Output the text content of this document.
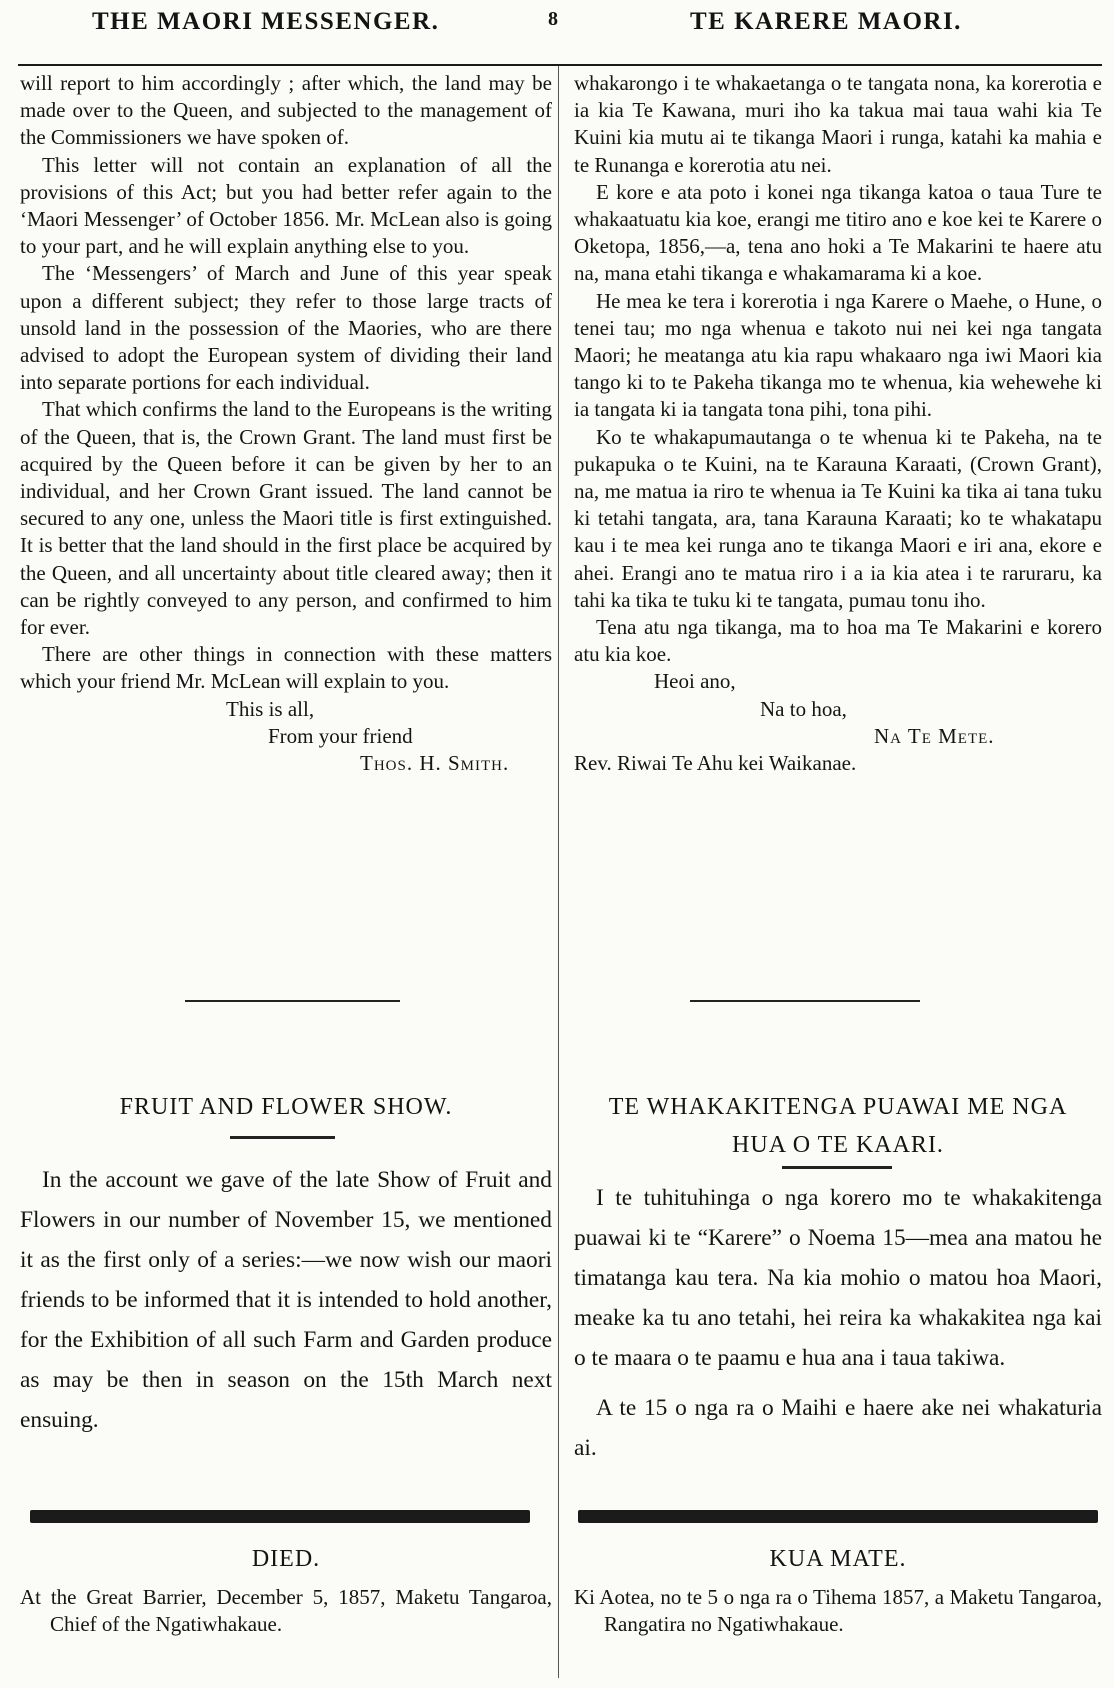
THE MAORI MESSENGER.	8	TE KARERE MAORI.

will report to him accordingly ; after which, the land may be made over to the Queen, and subjected to the management of the Commissioners we have spoken of.

This letter will not contain an explanation of all the provisions of this Act; but you had better refer again to the ‘Maori Messenger’ of October 1856. Mr. McLean also is going to your part, and he will explain anything else to you.

The ‘Messengers’ of March and June of this year speak upon a different subject; they refer to those large tracts of unsold land in the possession of the Maories, who are there advised to adopt the European system of dividing their land into separate portions for each individual.

That which confirms the land to the Europeans is the writing of the Queen, that is, the Crown Grant. The land must first be acquired by the Queen before it can be given by her to an individual, and her Crown Grant issued. The land cannot be secured to any one, unless the Maori title is first extinguished. It is better that the land should in the first place be acquired by the Queen, and all uncertainty about title cleared away; then it can be rightly conveyed to any person, and confirmed to him for ever.

There are other things in connection with these matters which your friend Mr. McLean will explain to you.

This is all,
From your friend
Thos. H. Smith.

whakarongo i te whakaetanga o te tangata nona, ka korerotia e ia kia Te Kawana, muri iho ka takua mai taua wahi kia Te Kuini kia mutu ai te tikanga Maori i runga, katahi ka mahia e te Runanga e korerotia atu nei.

E kore e ata poto i konei nga tikanga katoa o taua Ture te whakaatuatu kia koe, erangi me titiro ano e koe kei te Karere o Oketopa, 1856,—a, tena ano hoki a Te Makarini te haere atu na, mana etahi tikanga e whakamarama ki a koe.

He mea ke tera i korerotia i nga Karere o Maehe, o Hune, o tenei tau; mo nga whenua e takoto nui nei kei nga tangata Maori; he meatanga atu kia rapu whakaaro nga iwi Maori kia tango ki to te Pakeha tikanga mo te whenua, kia wehewehe ki ia tangata ki ia tangata tona pihi, tona pihi.

Ko te whakapumautanga o te whenua ki te Pakeha, na te pukapuka o te Kuini, na te Karauna Karaati, (Crown Grant), na, me matua ia riro te whenua ia Te Kuini ka tika ai tana tuku ki tetahi tangata, ara, tana Karauna Karaati; ko te whakatapu kau i te mea kei runga ano te tikanga Maori e iri ana, ekore e ahei. Erangi ano te matua riro i a ia kia atea i te raruraru, ka tahi ka tika te tuku ki te tangata, pumau tonu iho.

Tena atu nga tikanga, ma to hoa ma Te Makarini e korero atu kia koe.

Heoi ano,
Na to hoa,
Na Te Mete.
Rev. Riwai Te Ahu kei Waikanae.
FRUIT AND FLOWER SHOW.

In the account we gave of the late Show of Fruit and Flowers in our number of November 15, we mentioned it as the first only of a series:—we now wish our maori friends to be informed that it is intended to hold another, for the Exhibition of all such Farm and Garden produce as may be then in season on the 15th March next ensuing.

TE WHAKAKITENGA PUAWAI ME NGA
HUA O TE KAARI.

I te tuhituhinga o nga korero mo te whakakitenga puawai ki te “Karere” o Noema 15—mea ana matou he timatanga kau tera. Na kia mohio o matou hoa Maori, meake ka tu ano tetahi, hei reira ka whakakitea nga kai o te maara o te paamu e hua ana i taua takiwa.

A te 15 o nga ra o Maihi e haere ake nei whakaturia ai.

DIED.

At the Great Barrier, December 5, 1857, Maketu Tangaroa, Chief of the Ngatiwhakaue.

KUA MATE.

Ki Aotea, no te 5 o nga ra o Tihema 1857, a Maketu Tangaroa, Rangatira no Ngatiwhakaue.
